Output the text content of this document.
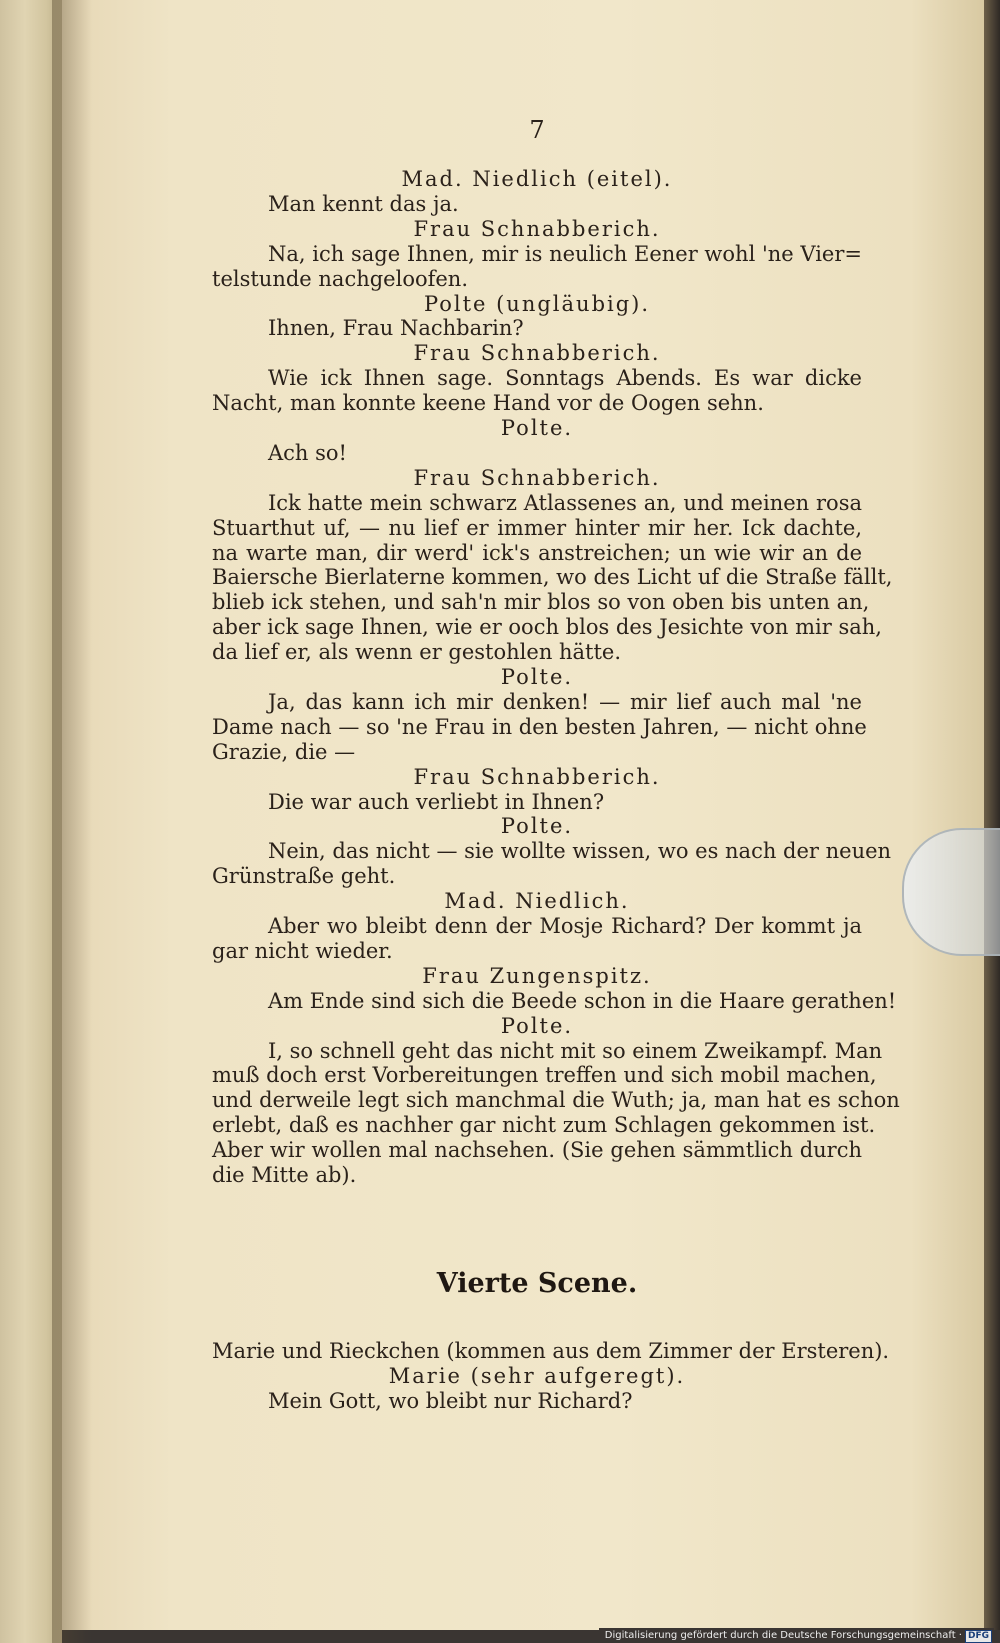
7

Mad. Niedlich (eitel).

Man kennt das ja.

Frau Schnabberich.

Na, ich sage Ihnen, mir is neulich Eener wohl 'ne Vier=

telstunde nachgeloofen.

Polte (ungläubig).

Ihnen, Frau Nachbarin?

Frau Schnabberich.

Wie ick Ihnen sage. Sonntags Abends. Es war dicke

Nacht, man konnte keene Hand vor de Oogen sehn.

Polte.

Ach so!

Frau Schnabberich.

Ick hatte mein schwarz Atlassenes an, und meinen rosa

Stuarthut uf, — nu lief er immer hinter mir her. Ick dachte,

na warte man, dir werd' ick's anstreichen; un wie wir an de

Baiersche Bierlaterne kommen, wo des Licht uf die Straße fällt,

blieb ick stehen, und sah'n mir blos so von oben bis unten an,

aber ick sage Ihnen, wie er ooch blos des Jesichte von mir sah,

da lief er, als wenn er gestohlen hätte.

Polte.

Ja, das kann ich mir denken! — mir lief auch mal 'ne

Dame nach — so 'ne Frau in den besten Jahren, — nicht ohne

Grazie, die —

Frau Schnabberich.

Die war auch verliebt in Ihnen?

Polte.

Nein, das nicht — sie wollte wissen, wo es nach der neuen

Grünstraße geht.

Mad. Niedlich.

Aber wo bleibt denn der Mosje Richard? Der kommt ja

gar nicht wieder.

Frau Zungenspitz.

Am Ende sind sich die Beede schon in die Haare gerathen!

Polte.

I, so schnell geht das nicht mit so einem Zweikampf. Man

muß doch erst Vorbereitungen treffen und sich mobil machen,

und derweile legt sich manchmal die Wuth; ja, man hat es schon

erlebt, daß es nachher gar nicht zum Schlagen gekommen ist.

Aber wir wollen mal nachsehen. (Sie gehen sämmtlich durch

die Mitte ab).

Vierte Scene.

Marie und Rieckchen (kommen aus dem Zimmer der Ersteren).

Marie (sehr aufgeregt).

Mein Gott, wo bleibt nur Richard?

Digitalisierung gefördert durch die Deutsche Forschungsgemeinschaft · DFG
